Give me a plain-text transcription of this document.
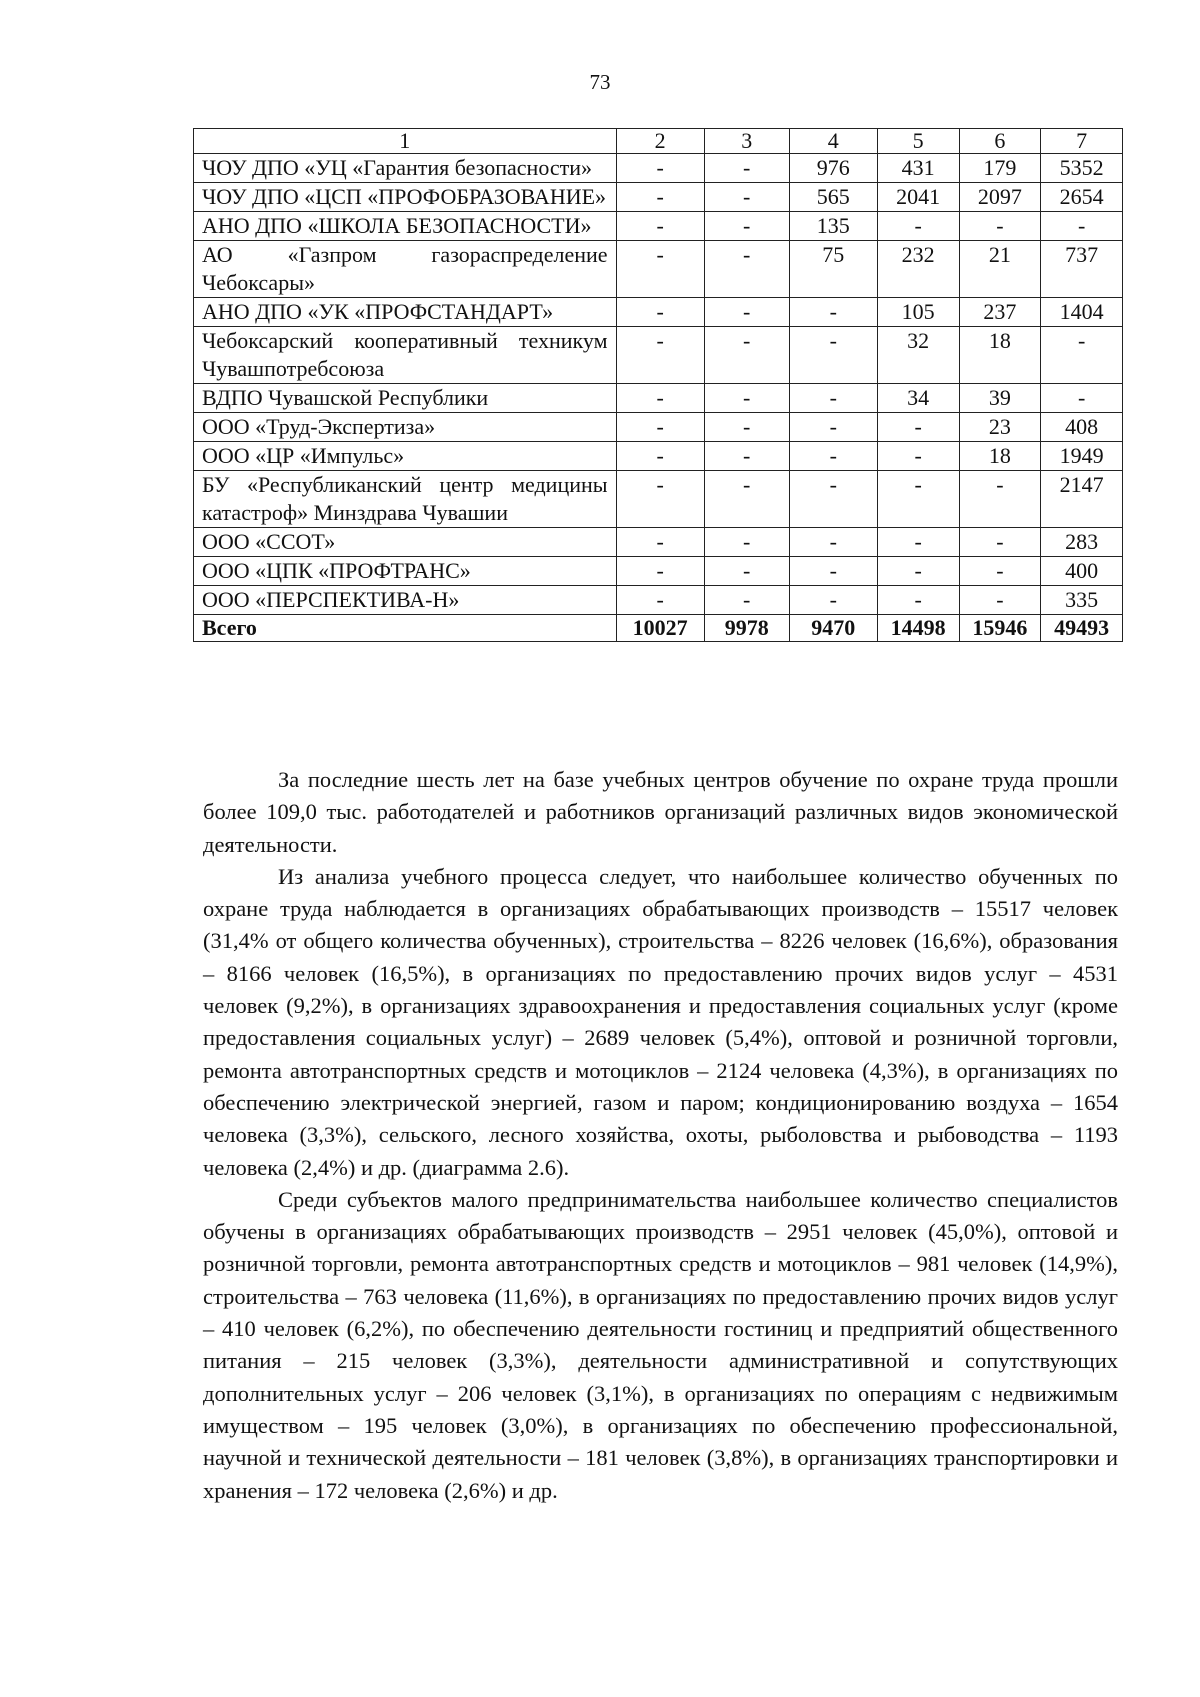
73
1	2	3	4	5	6	7
ЧОУ ДПО «УЦ «Гарантия безопасности»	-	-	976	431	179	5352
ЧОУ ДПО «ЦСП «ПРОФОБРАЗОВАНИЕ»	-	-	565	2041	2097	2654
АНО ДПО «ШКОЛА БЕЗОПАСНОСТИ»	-	-	135	-	-	-
АО «Газпром газораспределение Чебоксары»	-	-	75	232	21	737
АНО ДПО «УК «ПРОФСТАНДАРТ»	-	-	-	105	237	1404
Чебоксарский кооперативный техникум Чувашпотребсоюза	-	-	-	32	18	-
ВДПО Чувашской Республики	-	-	-	34	39	-
ООО «Труд-Экспертиза»	-	-	-	-	23	408
ООО «ЦР «Импульс»	-	-	-	-	18	1949
БУ «Республиканский центр медицины катастроф» Минздрава Чувашии	-	-	-	-	-	2147
ООО «ССОТ»	-	-	-	-	-	283
ООО «ЦПК «ПРОФТРАНС»	-	-	-	-	-	400
ООО «ПЕРСПЕКТИВА-Н»	-	-	-	-	-	335
Всего	10027	9978	9470	14498	15946	49493

За последние шесть лет на базе учебных центров обучение по охране труда прошли более 109,0 тыс. работодателей и работников организаций различных видов экономической деятельности.

Из анализа учебного процесса следует, что наибольшее количество обученных по охране труда наблюдается в организациях обрабатывающих производств – 15517 человек (31,4% от общего количества обученных), строительства – 8226 человек (16,6%), образования – 8166 человек (16,5%), в организациях по предоставлению прочих видов услуг – 4531 человек (9,2%), в организациях здравоохранения и предоставления социальных услуг (кроме предоставления социальных услуг) – 2689 человек (5,4%), оптовой и розничной торговли, ремонта автотранспортных средств и мотоциклов – 2124 человека (4,3%), в организациях по обеспечению электрической энергией, газом и паром; кондиционированию воздуха – 1654 человека (3,3%), сельского, лесного хозяйства, охоты, рыболовства и рыбоводства – 1193 человека (2,4%) и др. (диаграмма 2.6).

Среди субъектов малого предпринимательства наибольшее количество специалистов обучены в организациях обрабатывающих производств – 2951 человек (45,0%), оптовой и розничной торговли, ремонта автотранспортных средств и мотоциклов – 981 человек (14,9%), строительства – 763 человека (11,6%), в организациях по предоставлению прочих видов услуг – 410 человек (6,2%), по обеспечению деятельности гостиниц и предприятий общественного питания – 215 человек (3,3%), деятельности административной и сопутствующих дополнительных услуг – 206 человек (3,1%), в организациях по операциям с недвижимым имуществом – 195 человек (3,0%), в организациях по обеспечению профессиональной, научной и технической деятельности – 181 человек (3,8%), в организациях транспортировки и хранения – 172 человека (2,6%) и др.
